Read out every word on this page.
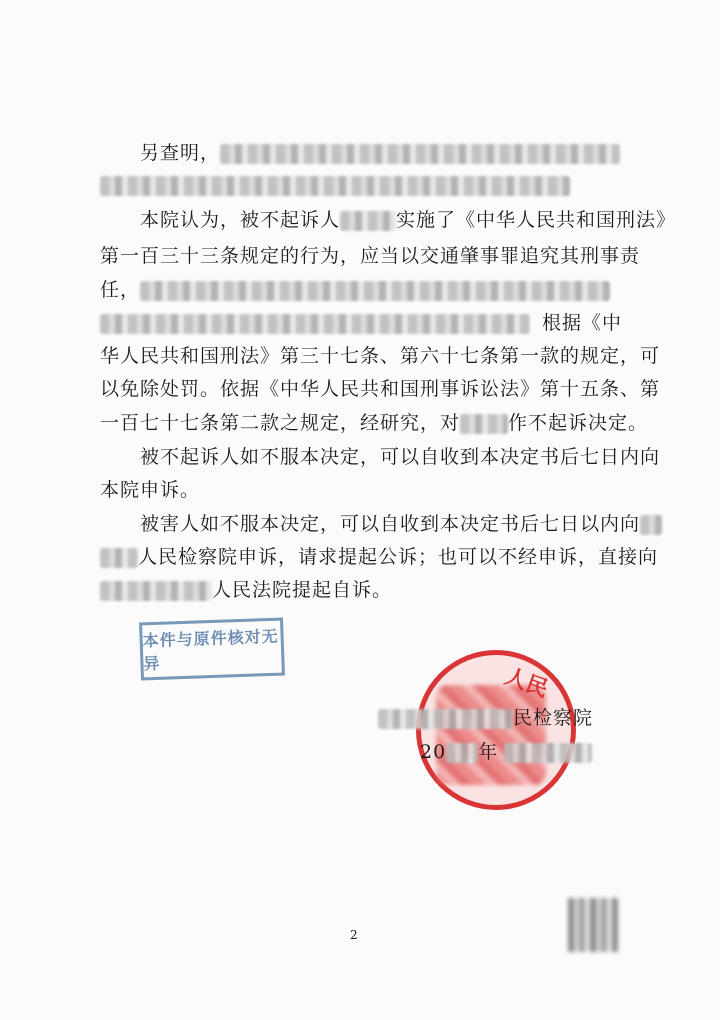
另查明，
本院认为，被不起诉人	实施了《中华人民共和国刑法》
第一百三十三条规定的行为，应当以交通肇事罪追究其刑事责
任，
根据《中
华人民共和国刑法》第三十七条、第六十七条第一款的规定，可
以免除处罚。依据《中华人民共和国刑事诉讼法》第十五条、第
一百七十七条第二款之规定，经研究，对	作不起诉决定。
被不起诉人如不服本决定，可以自收到本决定书后七日内向
本院申诉。
被害人如不服本决定，可以自收到本决定书后七日以内向
人民检察院申诉，请求提起公诉；也可以不经申诉，直接向
人民法院提起自诉。
本件与原件核对无异	人民
民检察院
20 年
2
